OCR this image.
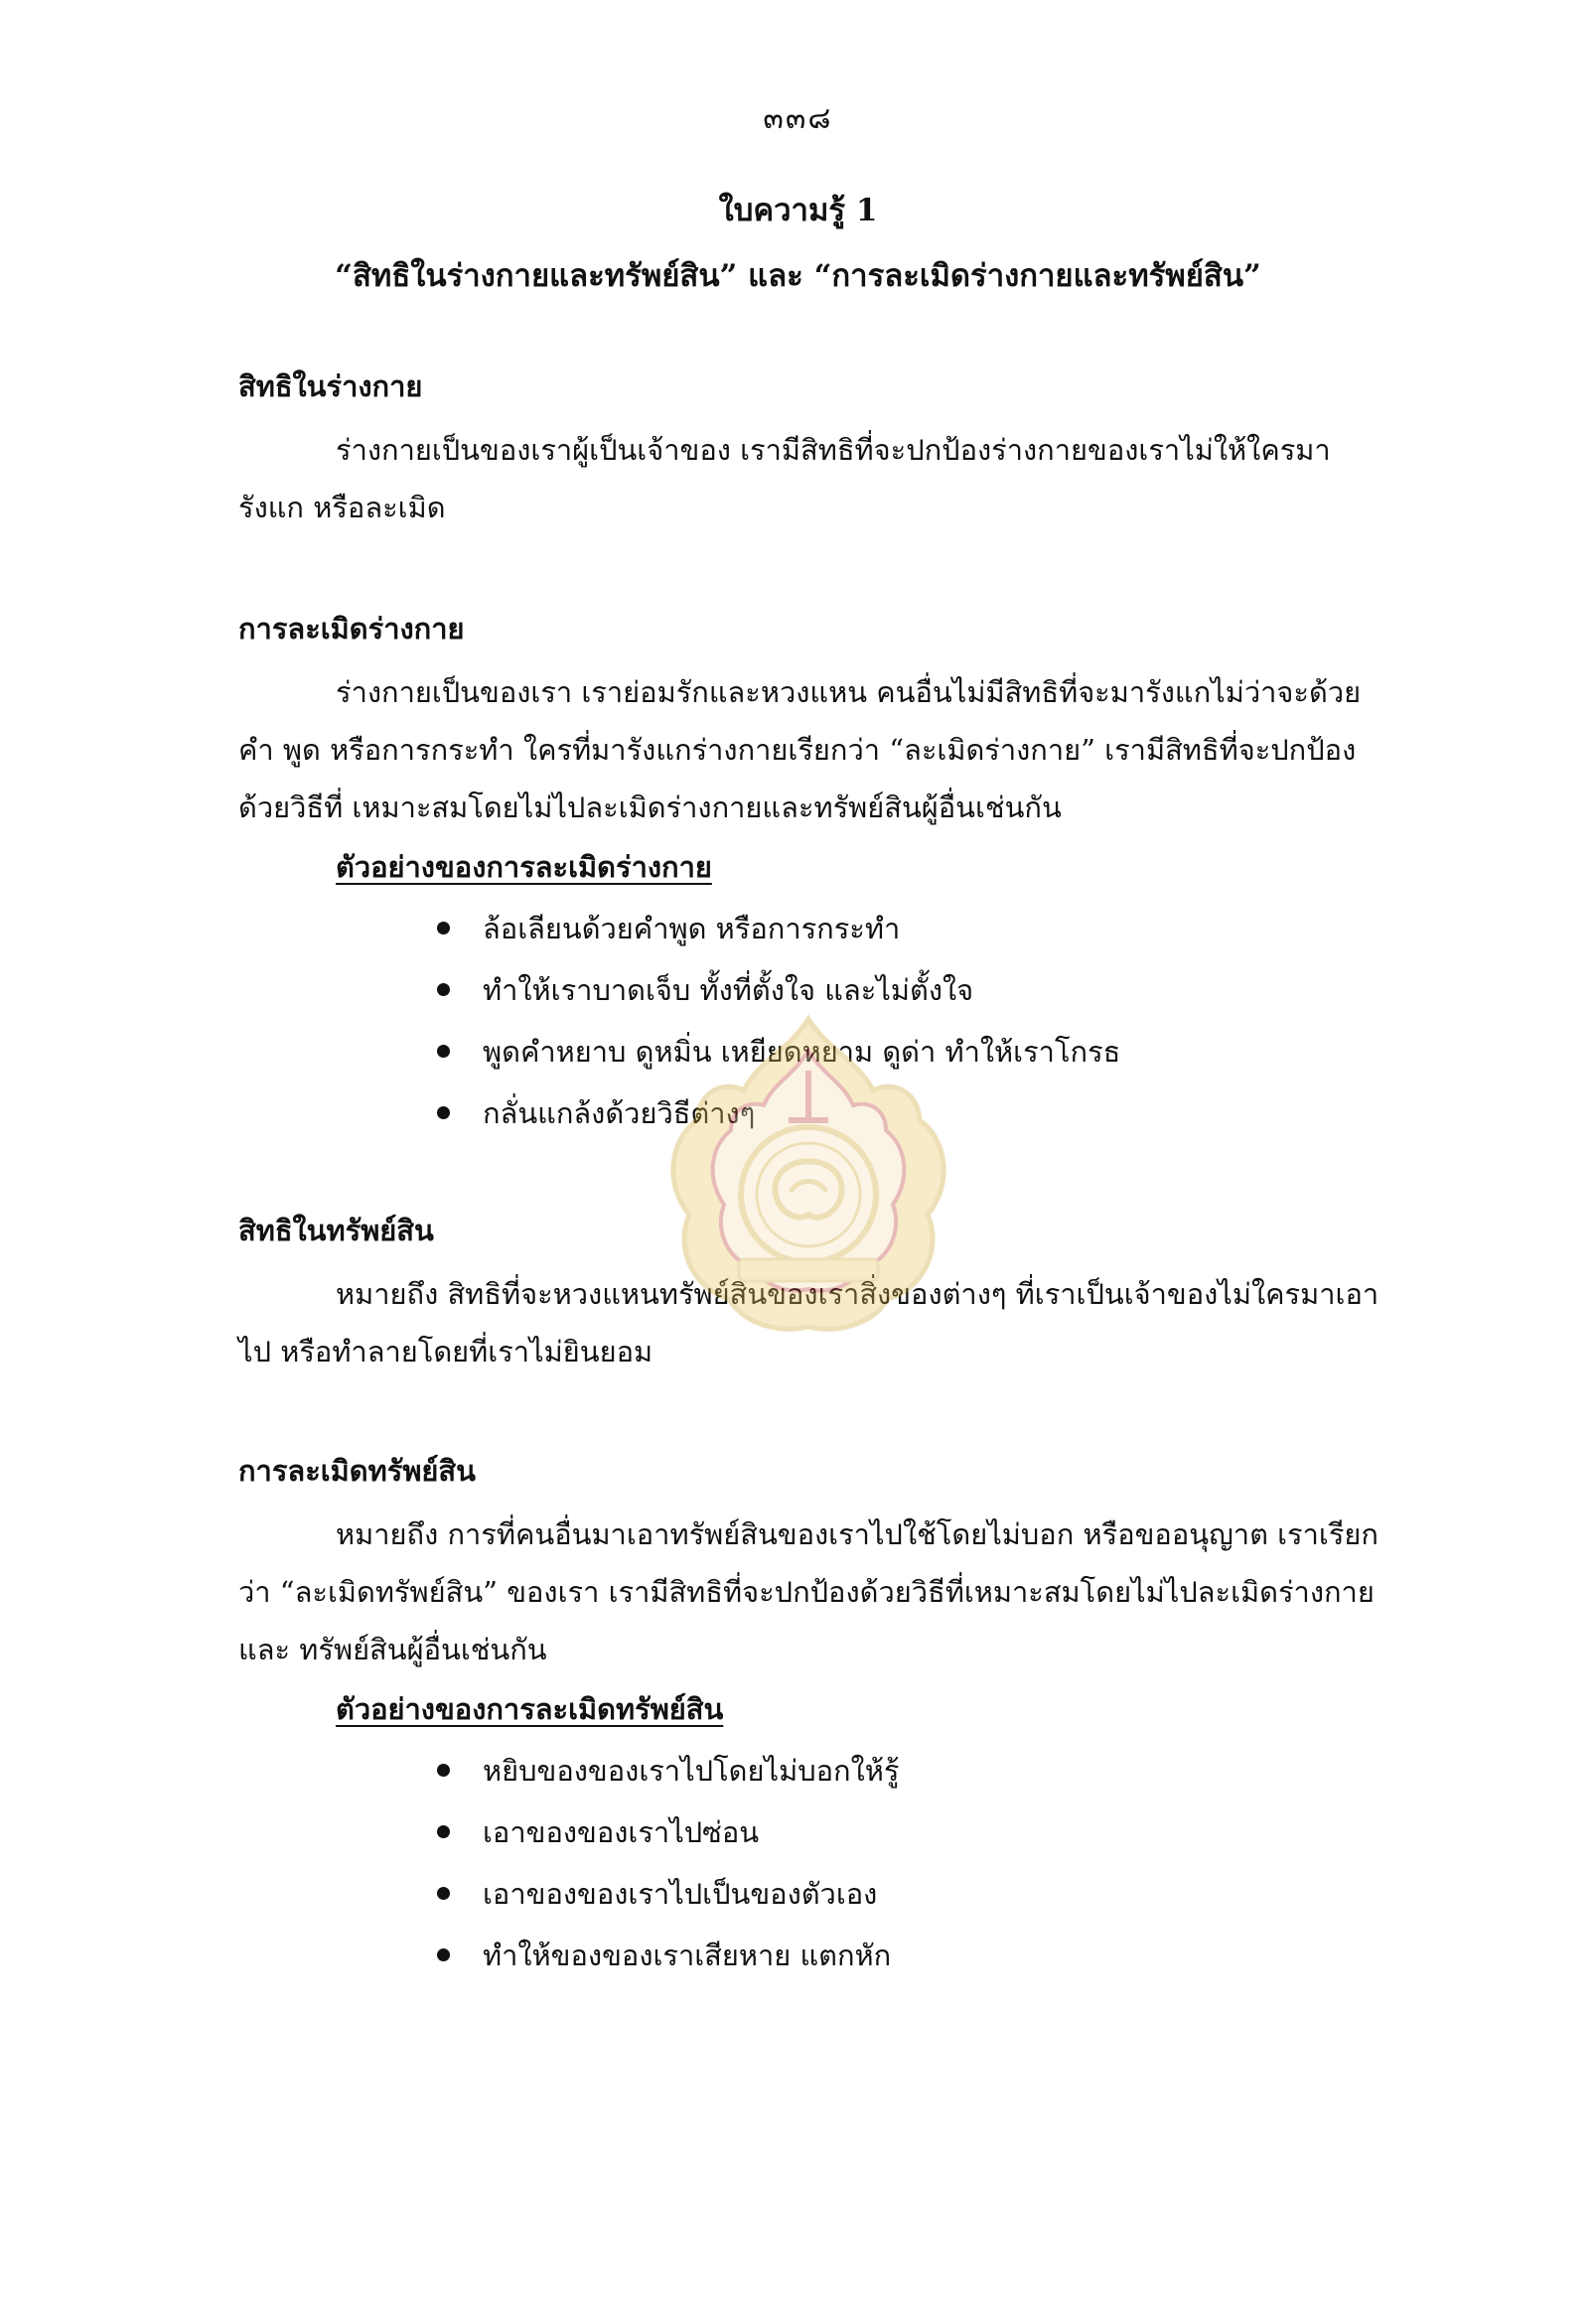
๓๓๘
ใบความรู้ 1
“สิทธิในร่างกายและทรัพย์สิน” และ “การละเมิดร่างกายและทรัพย์สิน”
สิทธิในร่างกาย

ร่างกายเป็นของเราผู้เป็นเจ้าของ เรามีสิทธิที่จะปกป้องร่างกายของเราไม่ให้ใครมารังแก หรือละเมิด

การละเมิดร่างกาย

ร่างกายเป็นของเรา เราย่อมรักและหวงแหน คนอื่นไม่มีสิทธิที่จะมารังแกไม่ว่าจะด้วยคำ พูด หรือการกระทำ ใครที่มารังแกร่างกายเรียกว่า “ละเมิดร่างกาย” เรามีสิทธิที่จะปกป้องด้วยวิธีที่ เหมาะสมโดยไม่ไปละเมิดร่างกายและทรัพย์สินผู้อื่นเช่นกัน

ตัวอย่างของการละเมิดร่างกาย
ล้อเลียนด้วยคำพูด หรือการกระทำ
ทำให้เราบาดเจ็บ ทั้งที่ตั้งใจ และไม่ตั้งใจ
พูดคำหยาบ ดูหมิ่น เหยียดหยาม ดูด่า ทำให้เราโกรธ
กลั่นแกล้งด้วยวิธีต่างๆ
สิทธิในทรัพย์สิน

หมายถึง สิทธิที่จะหวงแหนทรัพย์สินของเราสิ่งของต่างๆ ที่เราเป็นเจ้าของไม่ใครมาเอาไป หรือทำลายโดยที่เราไม่ยินยอม

การละเมิดทรัพย์สิน

หมายถึง การที่คนอื่นมาเอาทรัพย์สินของเราไปใช้โดยไม่บอก หรือขออนุญาต เราเรียกว่า “ละเมิดทรัพย์สิน” ของเรา เรามีสิทธิที่จะปกป้องด้วยวิธีที่เหมาะสมโดยไม่ไปละเมิดร่างกายและ ทรัพย์สินผู้อื่นเช่นกัน

ตัวอย่างของการละเมิดทรัพย์สิน
หยิบของของเราไปโดยไม่บอกให้รู้
เอาของของเราไปซ่อน
เอาของของเราไปเป็นของตัวเอง
ทำให้ของของเราเสียหาย แตกหัก
